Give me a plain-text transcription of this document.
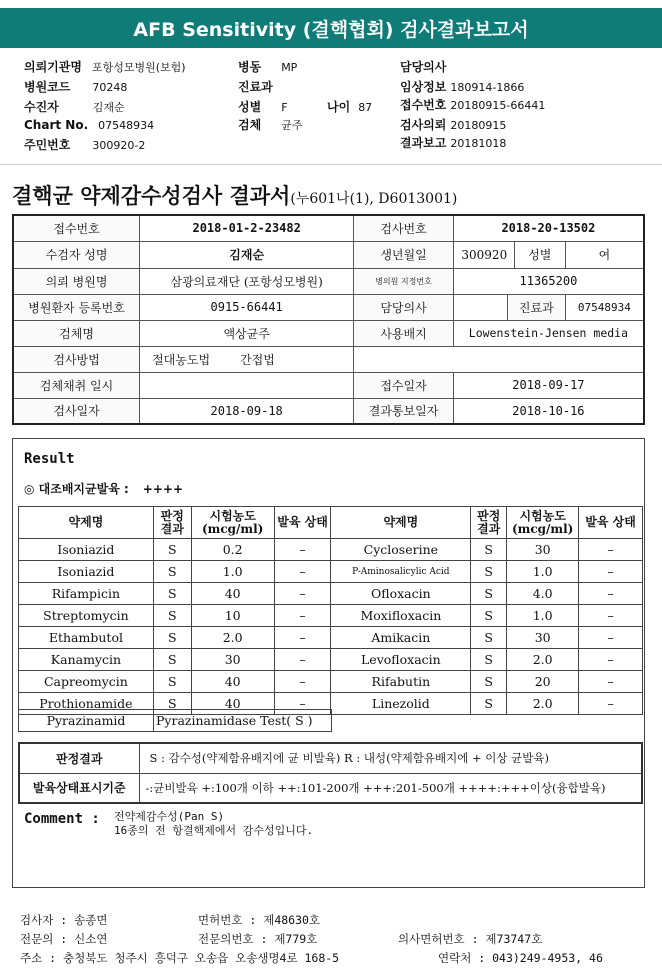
AFB Sensitivity (결핵협회) 검사결과보고서
의뢰기관명 포항성모병원(보험)
병원코드 70248
수진자	김재순
Chart No. 07548934
주민번호 300920-2
병동 MP
진료과
성별 F	나이 87
검체 균주
담당의사
임상정보 180914-1866
접수번호 20180915-66441
검사의뢰 20180915
결과보고 20181018
결핵균 약제감수성검사 결과서(누601나(1), D6013001)
접수번호	2018-01-2-23482	검사번호	2018-20-13502		
수검자 성명	김재순	생년월일	300920 성별		여
의뢰 병원명	삼광의료재단 (포항성모병원)	병의원 지정번호	11365200		
병원환자 등록번호	0915-66441	담당의사		진료과	07548934
검체명	액상균주	사용배지	Lowenstein-Jensen media		
검사방법	절대농도법 간접법				
검체채취 일시		접수일자	2018-09-17		
검사일자	2018-09-18	결과통보일자	2018-10-16		
Result
◎ 대조배지균발육 : ++++
약제명	판정 결과	시험농도 (mcg/ml)	발육 상태	약제명	판정 결과	시험농도 (mcg/ml)	발육 상태
Isoniazid	S	0.2	–	Cycloserine	S	30	–
Isoniazid	S	1.0	–	P-Aminosalicylic Acid	S	1.0	–
Rifampicin	S	40	–	Ofloxacin	S	4.0	–
Streptomycin	S	10	–	Moxifloxacin	S	1.0	–
Ethambutol	S	2.0	–	Amikacin	S	30	–
Kanamycin	S	30	–	Levofloxacin	S	2.0	–
Capreomycin	S	40	–	Rifabutin	S	20	–
Prothionamide	S	40	–	Linezolid	S	2.0	–
Pyrazinamid	Pyrazinamidase Test( S )
판정결과	S : 감수성(약제함유배지에 균 비발육) R : 내성(약제함유배지에 + 이상 균발육)
발육상태표시기준	-:균비발육 +:100개 이하 ++:101-200개 +++:201-500개 ++++:+++이상(융합발육)
Comment : 전약제감수성(Pan S)
16종의 전 항결핵제에서 감수성입니다.
검사자 : 송종면	면허번호 : 제48630호
전문의 : 신소연	전문의번호 : 제779호	의사면허번호 : 제73747호
주소 : 충청북도 청주시 흥덕구 오송읍 오송생명4로 168-5	연락처 : 043)249-4953, 46
